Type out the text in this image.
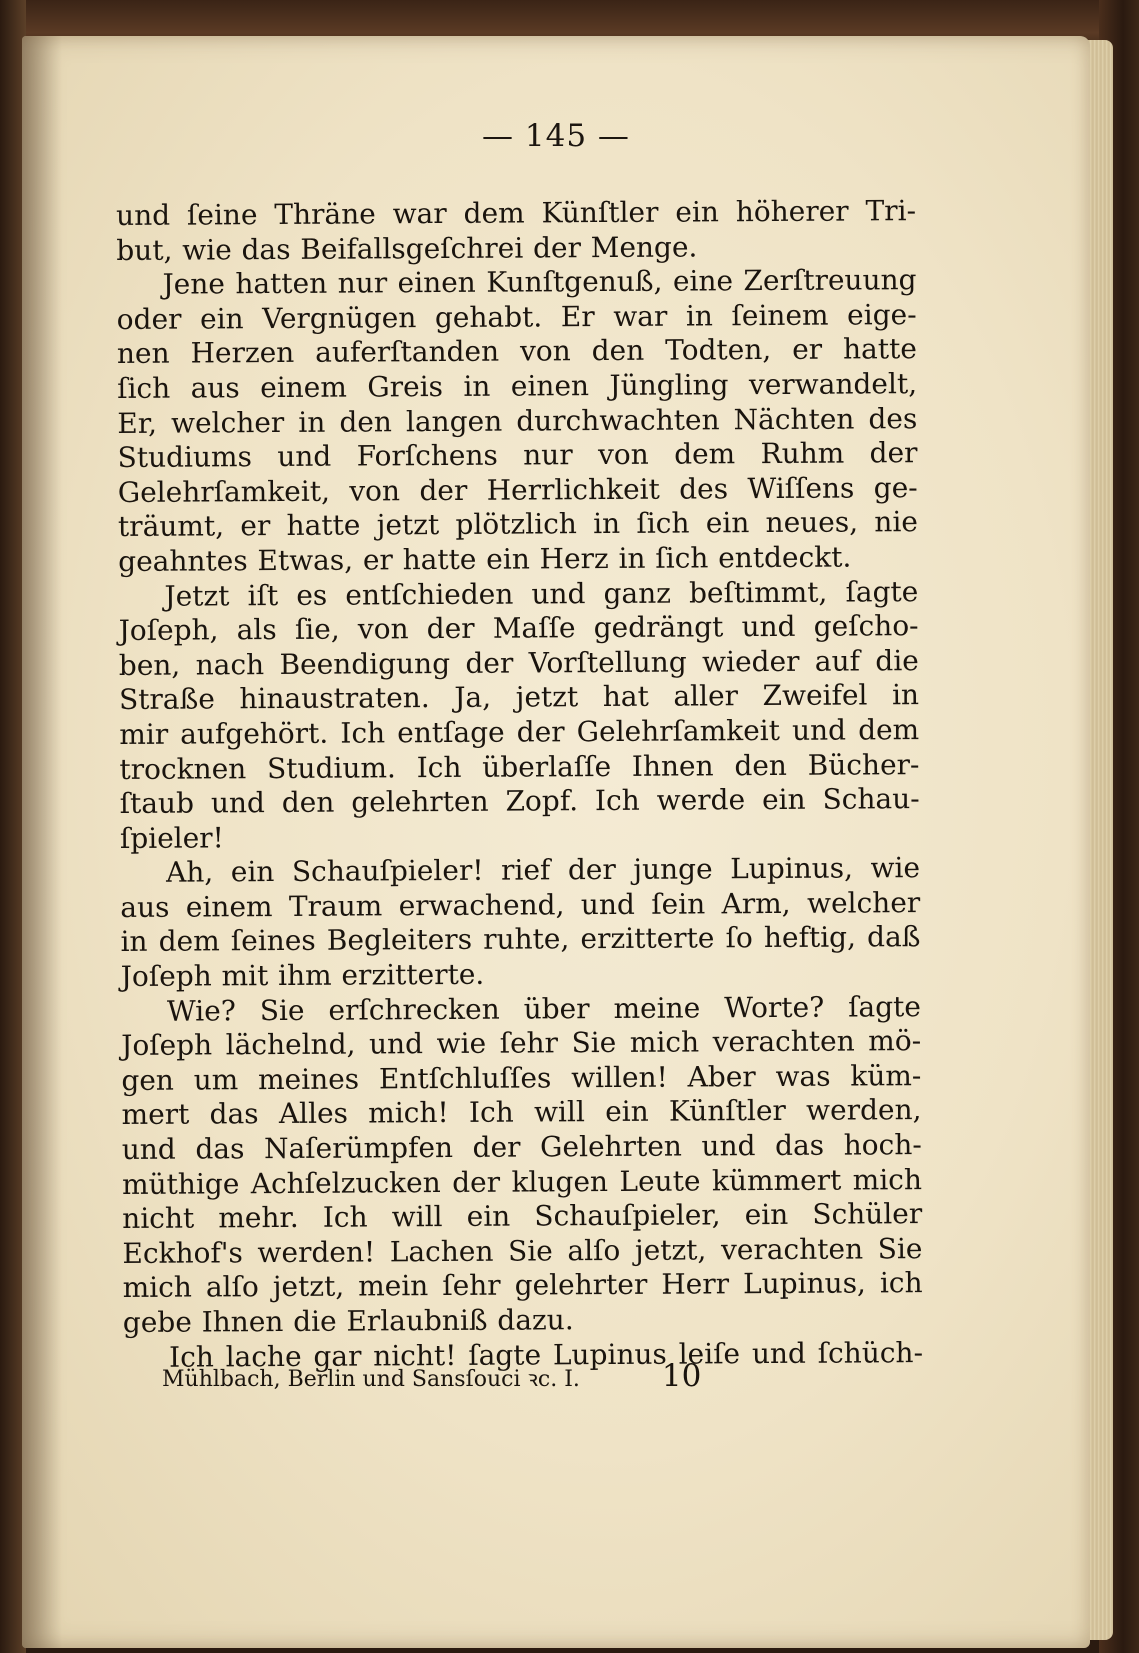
— 145 —
und ſeine Thräne war dem Künſtler ein höherer Tri-
but, wie das Beifallsgeſchrei der Menge.
Jene hatten nur einen Kunſtgenuß, eine Zerſtreuung
oder ein Vergnügen gehabt. Er war in ſeinem eige-
nen Herzen auferſtanden von den Todten, er hatte
ſich aus einem Greis in einen Jüngling verwandelt,
Er, welcher in den langen durchwachten Nächten des
Studiums und Forſchens nur von dem Ruhm der
Gelehrſamkeit, von der Herrlichkeit des Wiſſens ge-
träumt, er hatte jetzt plötzlich in ſich ein neues, nie
geahntes Etwas, er hatte ein Herz in ſich entdeckt.
Jetzt iſt es entſchieden und ganz beſtimmt, ſagte
Joſeph, als ſie, von der Maſſe gedrängt und geſcho-
ben, nach Beendigung der Vorſtellung wieder auf die
Straße hinaustraten. Ja, jetzt hat aller Zweifel in
mir aufgehört. Ich entſage der Gelehrſamkeit und dem
trocknen Studium. Ich überlaſſe Ihnen den Bücher-
ſtaub und den gelehrten Zopf. Ich werde ein Schau-
ſpieler!
Ah, ein Schauſpieler! rief der junge Lupinus, wie
aus einem Traum erwachend, und ſein Arm, welcher
in dem ſeines Begleiters ruhte, erzitterte ſo heftig, daß
Joſeph mit ihm erzitterte.
Wie? Sie erſchrecken über meine Worte? ſagte
Joſeph lächelnd, und wie ſehr Sie mich verachten mö-
gen um meines Entſchluſſes willen! Aber was küm-
mert das Alles mich! Ich will ein Künſtler werden,
und das Naſerümpfen der Gelehrten und das hoch-
müthige Achſelzucken der klugen Leute kümmert mich
nicht mehr. Ich will ein Schauſpieler, ein Schüler
Eckhof's werden! Lachen Sie alſo jetzt, verachten Sie
mich alſo jetzt, mein ſehr gelehrter Herr Lupinus, ich
gebe Ihnen die Erlaubniß dazu.
Ich lache gar nicht! ſagte Lupinus leiſe und ſchüch-
Mühlbach, Berlin und Sansſouci ꝛc. I.	10
